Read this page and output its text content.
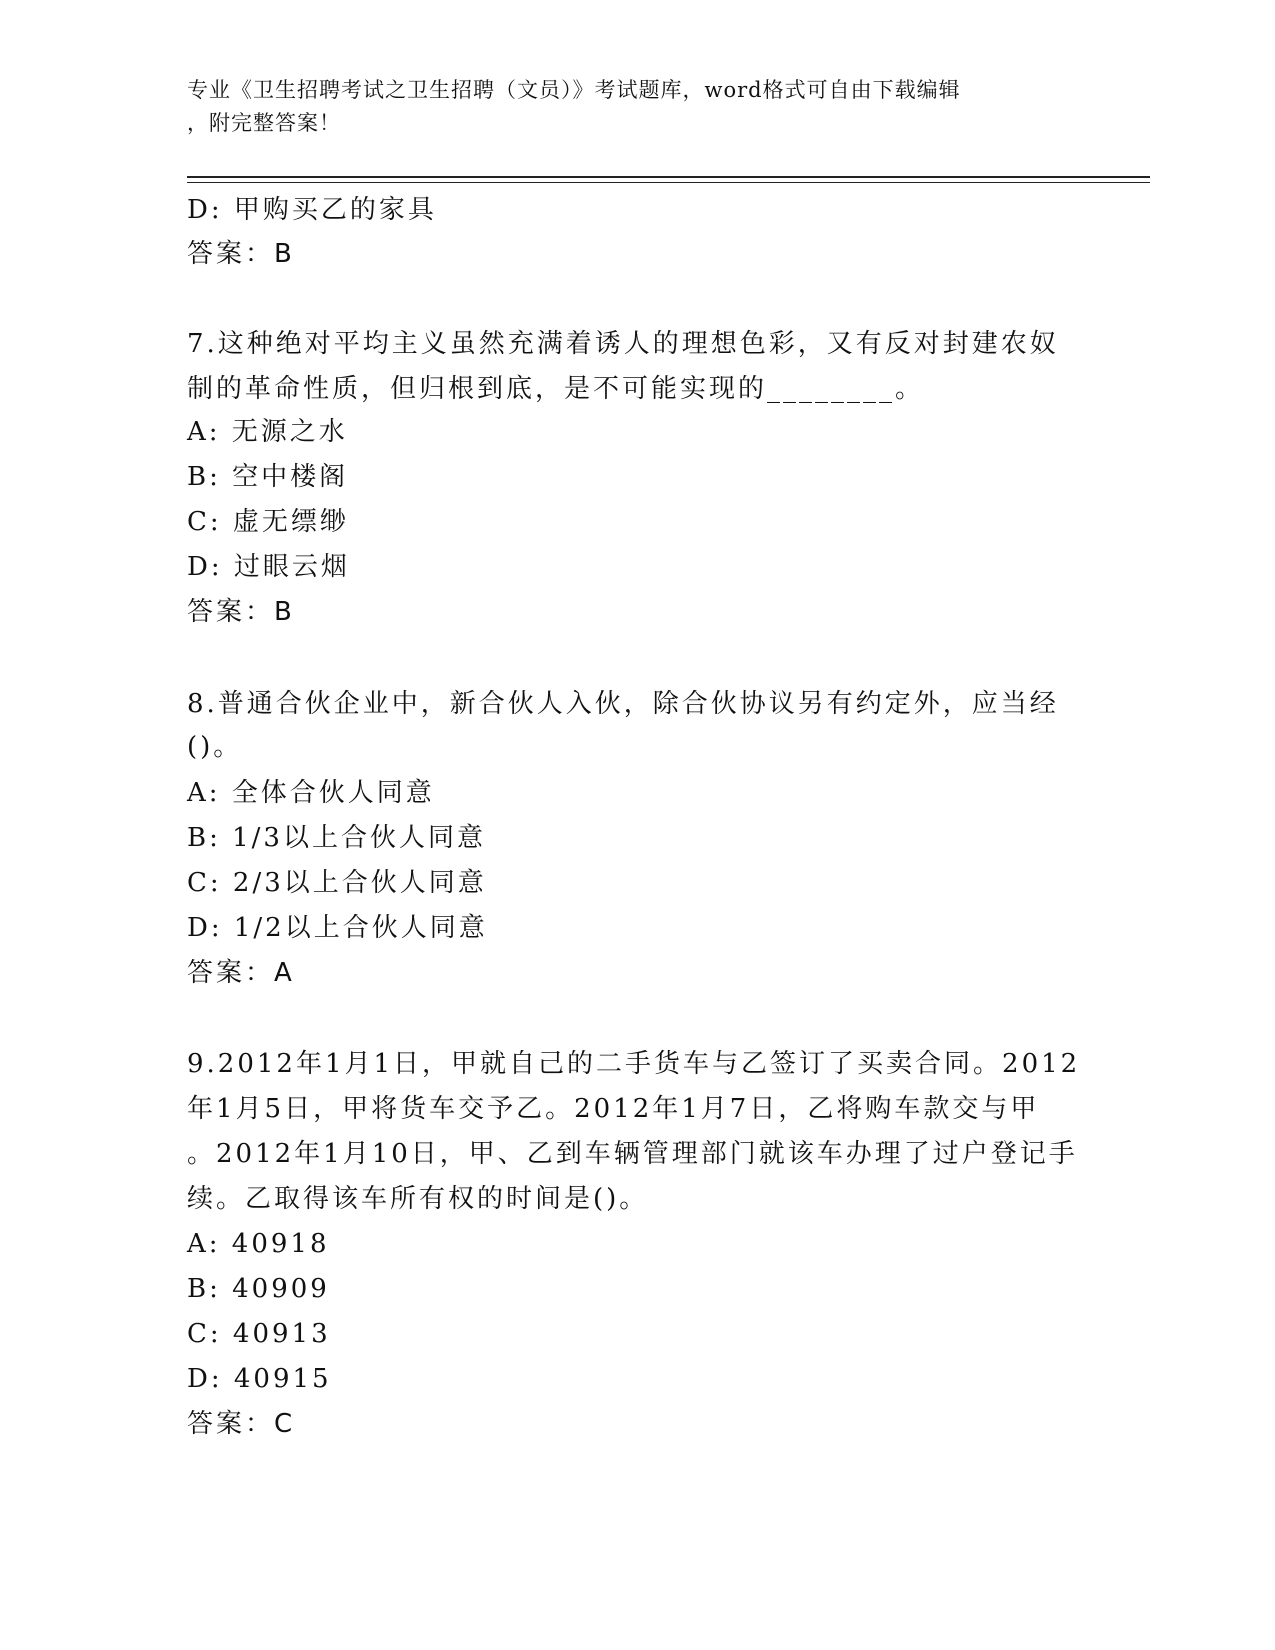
专业《卫生招聘考试之卫生招聘（文员）》考试题库，word格式可自由下载编辑
，附完整答案！
D: 甲购买乙的家具
答案：B
7.这种绝对平均主义虽然充满着诱人的理想色彩，又有反对封建农奴
制的革命性质，但归根到底，是不可能实现的________。
A: 无源之水
B: 空中楼阁
C: 虚无缥缈
D: 过眼云烟
答案：B
8.普通合伙企业中，新合伙人入伙，除合伙协议另有约定外，应当经
()。
A: 全体合伙人同意
B: 1/3以上合伙人同意
C: 2/3以上合伙人同意
D: 1/2以上合伙人同意
答案：A
9.2012年1月1日，甲就自己的二手货车与乙签订了买卖合同。2012
年1月5日，甲将货车交予乙。2012年1月7日，乙将购车款交与甲
。2012年1月10日，甲、乙到车辆管理部门就该车办理了过户登记手
续。乙取得该车所有权的时间是()。
A: 40918
B: 40909
C: 40913
D: 40915
答案：C
